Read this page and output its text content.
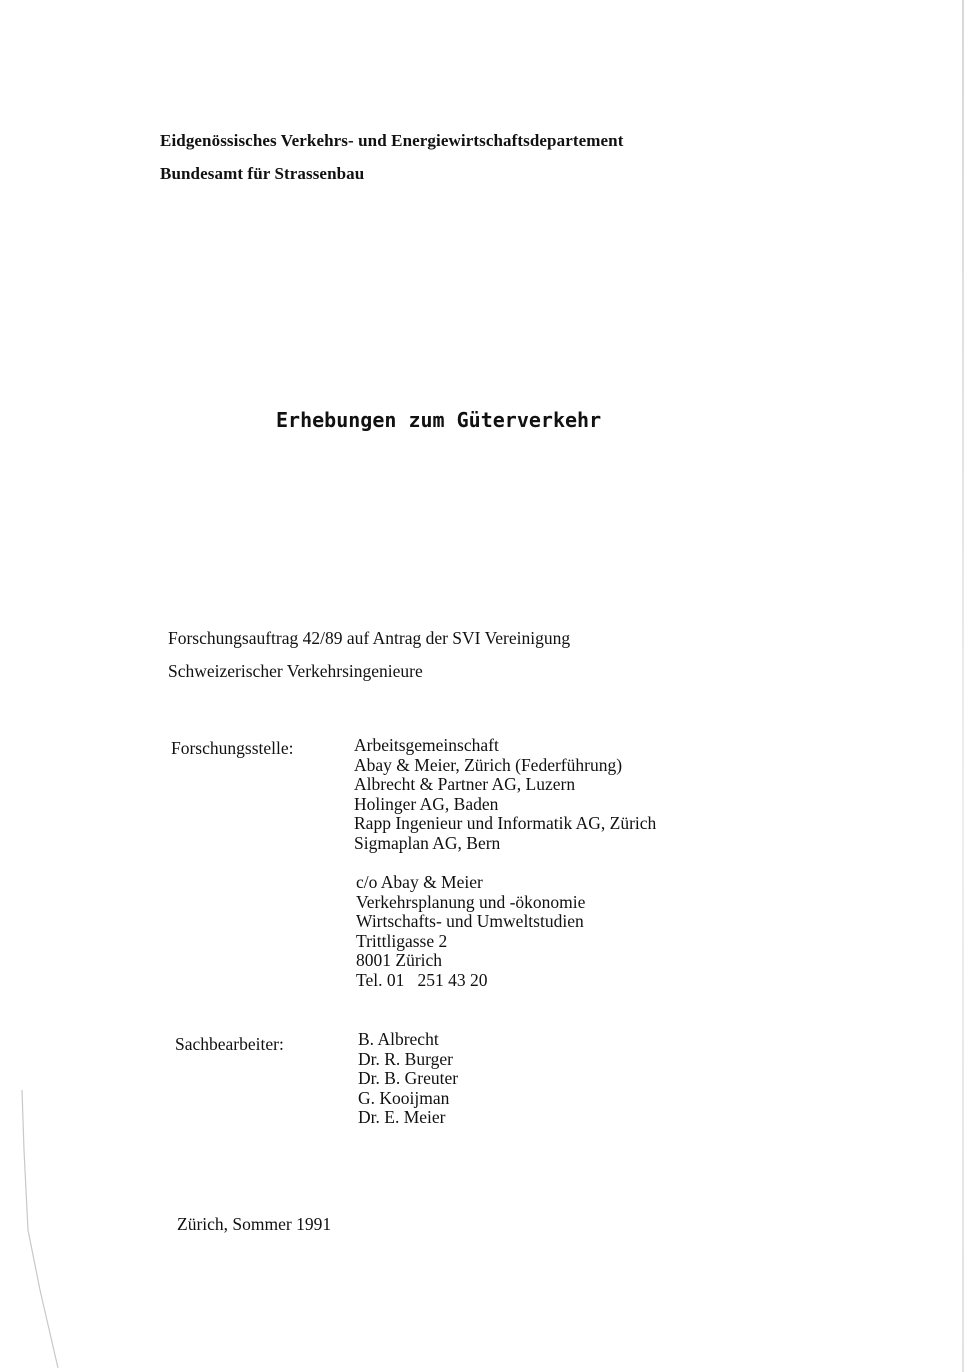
Eidgenössisches Verkehrs- und Energiewirtschaftsdepartement
Bundesamt für Strassenbau
Erhebungen zum Güterverkehr
Forschungsauftrag 42/89 auf Antrag der SVI Vereinigung
Schweizerischer Verkehrsingenieure
Forschungsstelle:	Arbeitsgemeinschaft
Abay & Meier, Zürich (Federführung)
Albrecht & Partner AG, Luzern
Holinger AG, Baden
Rapp Ingenieur und Informatik AG, Zürich
Sigmaplan AG, Bern
c/o Abay & Meier
Verkehrsplanung und -ökonomie
Wirtschafts- und Umweltstudien
Trittligasse 2
8001 Zürich
Tel. 01   251 43 20
Sachbearbeiter:	B. Albrecht
Dr. R. Burger
Dr. B. Greuter
G. Kooijman
Dr. E. Meier
Zürich, Sommer 1991
